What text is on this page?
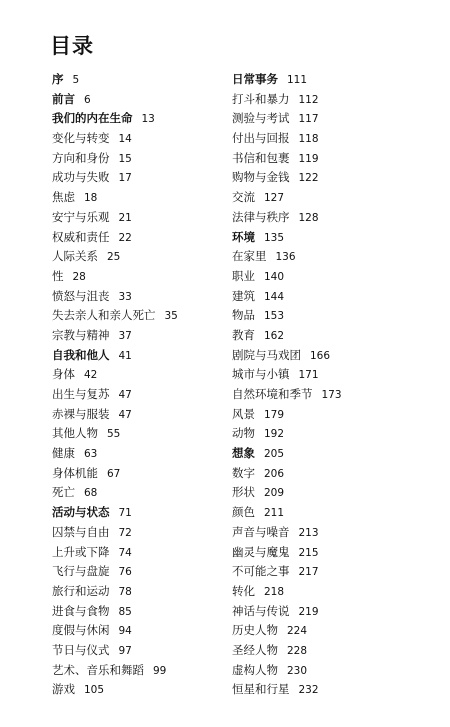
目录
序 5
前言 6
我们的内在生命 13
变化与转变 14
方向和身份 15
成功与失败 17
焦虑 18
安宁与乐观 21
权威和责任 22
人际关系 25
性 28
愤怒与沮丧 33
失去亲人和亲人死亡 35
宗教与精神 37
自我和他人 41
身体 42
出生与复苏 47
赤裸与服装 47
其他人物 55
健康 63
身体机能 67
死亡 68
活动与状态 71
囚禁与自由 72
上升或下降 74
飞行与盘旋 76
旅行和运动 78
进食与食物 85
度假与休闲 94
节日与仪式 97
艺术、音乐和舞蹈 99
游戏 105
日常事务 111
打斗和暴力 112
测验与考试 117
付出与回报 118
书信和包裹 119
购物与金钱 122
交流 127
法律与秩序 128
环境 135
在家里 136
职业 140
建筑 144
物品 153
教育 162
剧院与马戏团 166
城市与小镇 171
自然环境和季节 173
风景 179
动物 192
想象 205
数字 206
形状 209
颜色 211
声音与噪音 213
幽灵与魔鬼 215
不可能之事 217
转化 218
神话与传说 219
历史人物 224
圣经人物 228
虚构人物 230
恒星和行星 232
